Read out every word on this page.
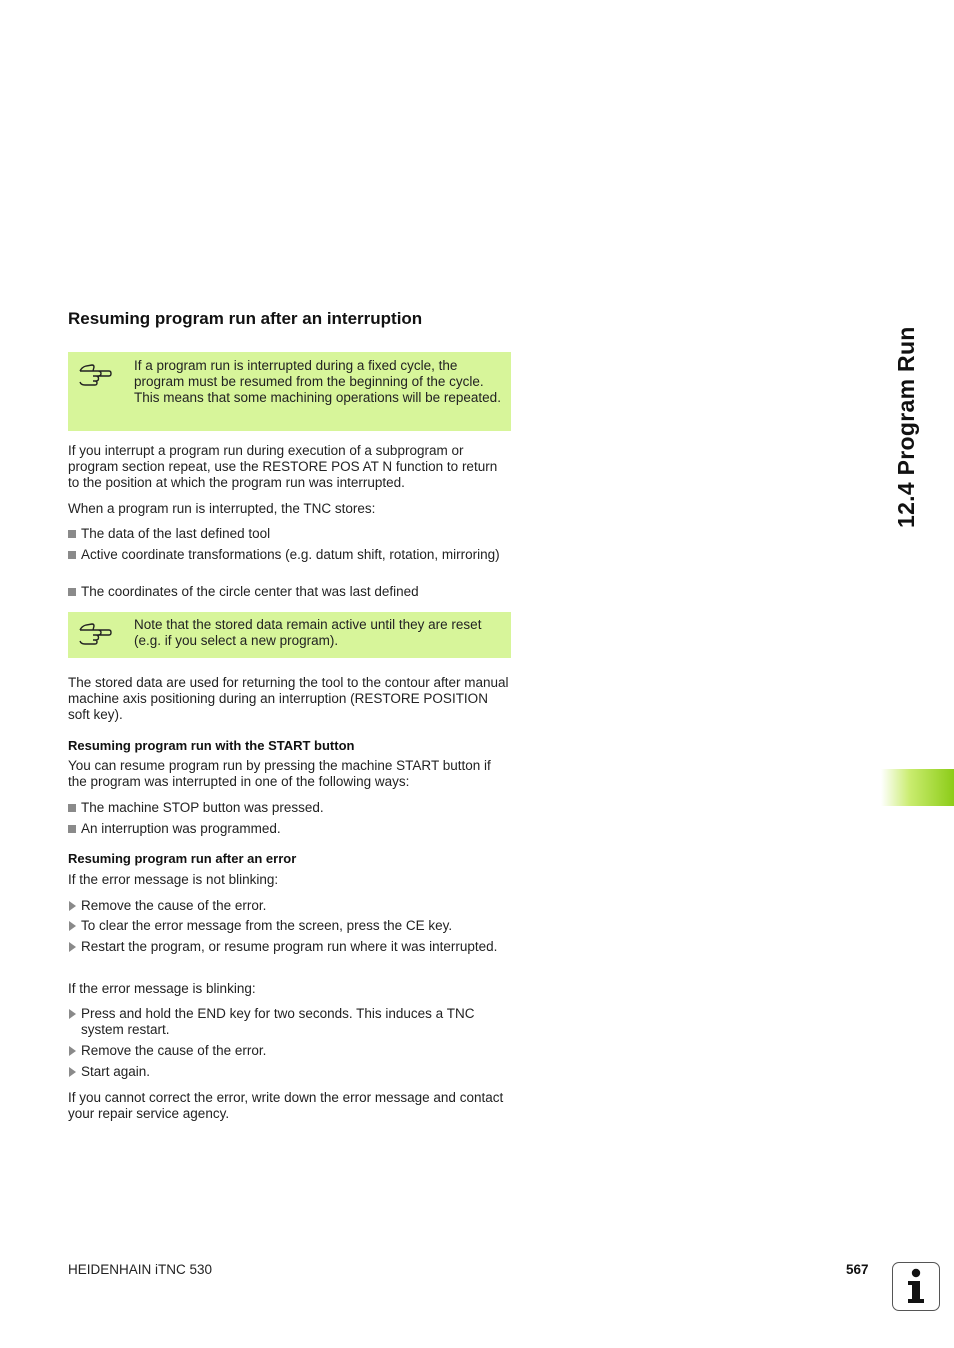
Resuming program run after an interruption
If a program run is interrupted during a fixed cycle, the program must be resumed from the beginning of the cycle. This means that some machining operations will be repeated.
If you interrupt a program run during execution of a subprogram or program section repeat, use the RESTORE POS AT N function to return to the position at which the program run was interrupted.
When a program run is interrupted, the TNC stores:
The data of the last defined tool
Active coordinate transformations (e.g. datum shift, rotation, mirroring)
The coordinates of the circle center that was last defined
Note that the stored data remain active until they are reset (e.g. if you select a new program).
The stored data are used for returning the tool to the contour after manual machine axis positioning during an interruption (RESTORE POSITION soft key).
Resuming program run with the START button
You can resume program run by pressing the machine START button if the program was interrupted in one of the following ways:
The machine STOP button was pressed.
An interruption was programmed.
Resuming program run after an error
If the error message is not blinking:
Remove the cause of the error.
To clear the error message from the screen, press the CE key.
Restart the program, or resume program run where it was interrupted.
If the error message is blinking:
Press and hold the END key for two seconds. This induces a TNC system restart.
Remove the cause of the error.
Start again.
If you cannot correct the error, write down the error message and contact your repair service agency.
12.4 Program Run
HEIDENHAIN iTNC 530	567
